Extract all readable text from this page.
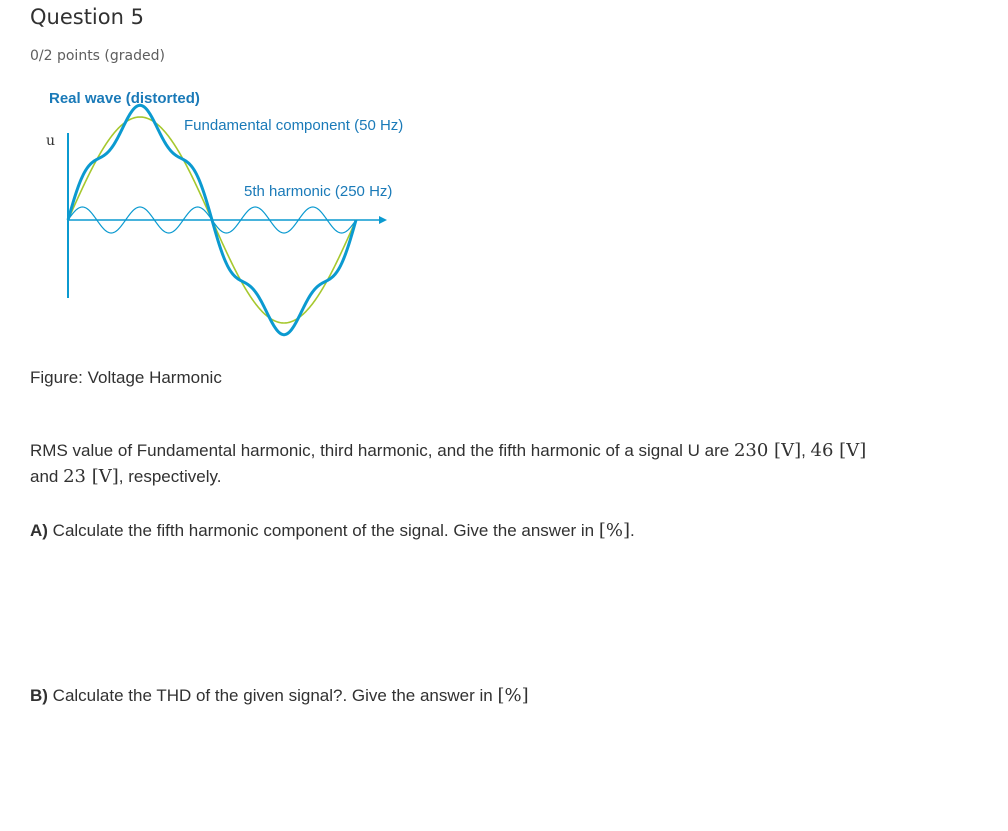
Question 5
0/2 points (graded)
Real wave (distorted)
Fundamental component (50 Hz)
5th harmonic (250 Hz)
u
Figure: Voltage Harmonic
RMS value of Fundamental harmonic, third harmonic, and the fifth harmonic of a signal U are 230 [V], 46 [V]
and 23 [V], respectively.
A) Calculate the fifth harmonic component of the signal. Give the answer in [%].
B) Calculate the THD of the given signal?. Give the answer in [%]
